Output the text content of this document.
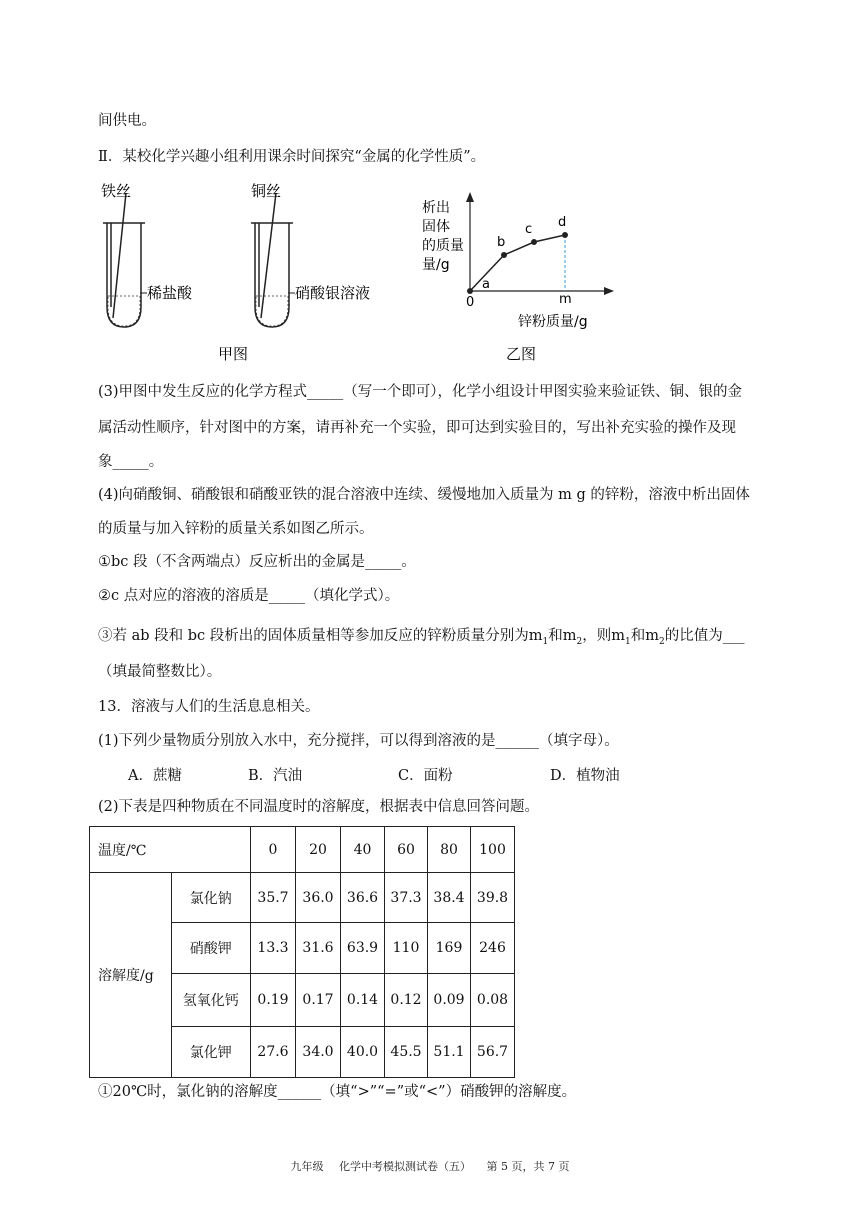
间供电。
Ⅱ．某校化学兴趣小组利用课余时间探究“金属的化学性质”。
铁丝
稀盐酸
铜丝
硝酸银溶液
甲图
析出
固体
的质量
量/g
a
b
c d
0	m
锌粉质量/g
乙图
(3)甲图中发生反应的化学方程式_____（写一个即可），化学小组设计甲图实验来验证铁、铜、银的金
属活动性顺序，针对图中的方案，请再补充一个实验，即可达到实验目的，写出补充实验的操作及现
象_____。
(4)向硝酸铜、硝酸银和硝酸亚铁的混合溶液中连续、缓慢地加入质量为 m g 的锌粉，溶液中析出固体
的质量与加入锌粉的质量关系如图乙所示。
①bc 段（不含两端点）反应析出的金属是_____。
②c 点对应的溶液的溶质是_____（填化学式）。
③若 ab 段和 bc 段析出的固体质量相等参加反应的锌粉质量分别为$m_1$和$m_2$，则$m_1$和$m_2$的比值为___
（填最简整数比）。
13．溶液与人们的生活息息相关。
(1)下列少量物质分别放入水中，充分搅拌，可以得到溶液的是______（填字母）。
A．蔗糖	B．汽油	C．面粉	D．植物油
(2)下表是四种物质在不同温度时的溶解度，根据表中信息回答问题。
温度/℃		0	20	40	60	80	100
溶解度/g	氯化钠	35.7	36.0	36.6	37.3	38.4	39.8
	硝酸钾	13.3	31.6	63.9	110	169	246
	氢氧化钙	0.19	0.17	0.14	0.12	0.09	0.08
	氯化钾	27.6	34.0	40.0	45.5	51.1	56.7
①20℃时，氯化钠的溶解度______（填“>”“=”或“<”）硝酸钾的溶解度。
九年级 化学中考模拟测试卷（五） 第 5 页，共 7 页
